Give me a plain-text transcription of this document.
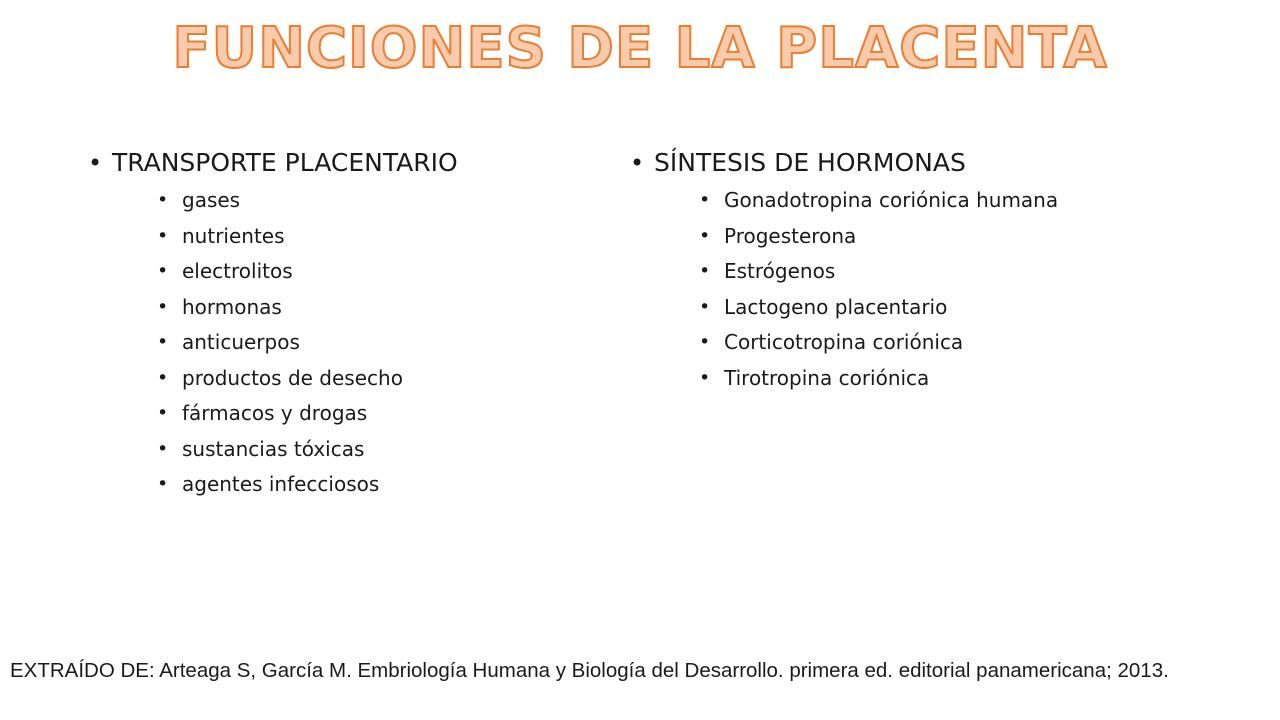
FUNCIONES DE LA PLACENTA
• TRANSPORTE PLACENTARIO
• gases
• nutrientes
• electrolitos
• hormonas
• anticuerpos
• productos de desecho
• fármacos y drogas
• sustancias tóxicas
• agentes infecciosos
• SÍNTESIS DE HORMONAS
• Gonadotropina coriónica humana
• Progesterona
• Estrógenos
• Lactogeno placentario
• Corticotropina coriónica
• Tirotropina coriónica
EXTRAÍDO DE: Arteaga S, García M. Embriología Humana y Biología del Desarrollo. primera ed. editorial panamericana; 2013.
